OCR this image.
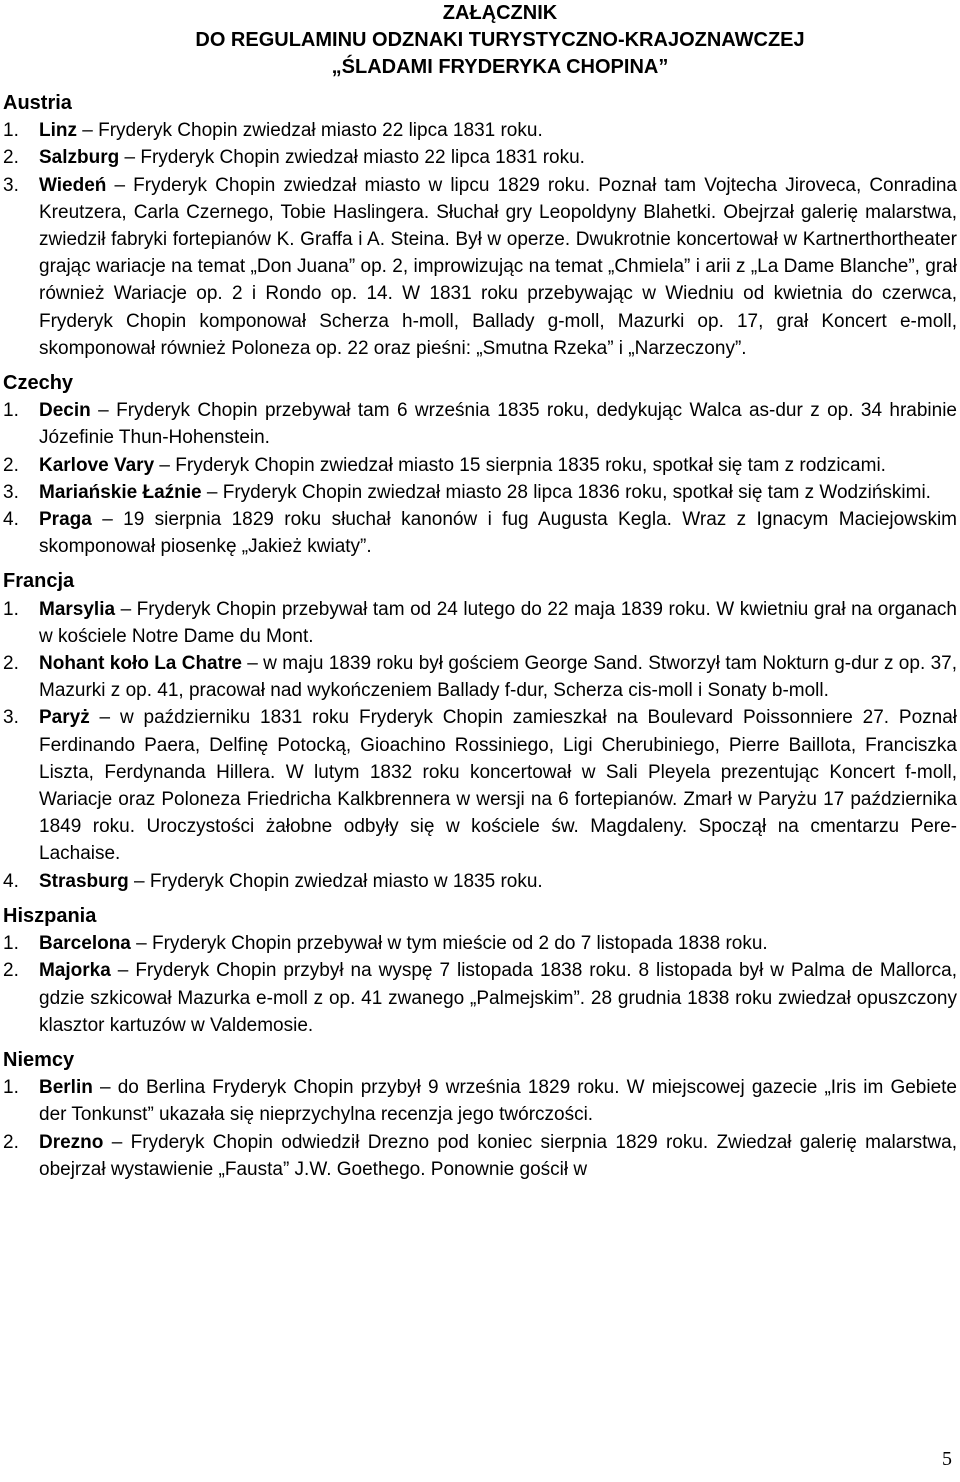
ZAŁĄCZNIK
DO REGULAMINU ODZNAKI TURYSTYCZNO-KRAJOZNAWCZEJ
„ŚLADAMI FRYDERYKA CHOPINA”
Austria
1.	Linz – Fryderyk Chopin zwiedzał miasto 22 lipca 1831 roku.
2.	Salzburg – Fryderyk Chopin zwiedzał miasto 22 lipca 1831 roku.
3.	Wiedeń – Fryderyk Chopin zwiedzał miasto w lipcu 1829 roku. Poznał tam Vojtecha Jiroveca, Conradina Kreutzera, Carla Czernego, Tobie Haslingera. Słuchał gry Leopoldyny Blahetki. Obejrzał galerię malarstwa, zwiedził fabryki fortepianów K. Graffa i A. Steina. Był w operze. Dwukrotnie koncertował w Kartnerthortheater grając wariacje na temat „Don Juana” op. 2, improwizując na temat „Chmiela” i arii z „La Dame Blanche”, grał również Wariacje op. 2 i Rondo op. 14. W 1831 roku przebywając w Wiedniu od kwietnia do czerwca, Fryderyk Chopin komponował Scherza h-moll, Ballady g-moll, Mazurki op. 17, grał Koncert e-moll, skomponował również Poloneza op. 22 oraz pieśni: „Smutna Rzeka” i „Narzeczony”.
Czechy
1.	Decin – Fryderyk Chopin przebywał tam 6 września 1835 roku, dedykując Walca as-dur z op. 34 hrabinie Józefinie Thun-Hohenstein.
2.	Karlove Vary – Fryderyk Chopin zwiedzał miasto 15 sierpnia 1835 roku, spotkał się tam z rodzicami.
3.	Mariańskie Łaźnie – Fryderyk Chopin zwiedzał miasto 28 lipca 1836 roku, spotkał się tam z Wodzińskimi.
4.	Praga – 19 sierpnia 1829 roku słuchał kanonów i fug Augusta Kegla. Wraz z Ignacym Maciejowskim skomponował piosenkę „Jakież kwiaty”.
Francja
1.	Marsylia – Fryderyk Chopin przebywał tam od 24 lutego do 22 maja 1839 roku. W kwietniu grał na organach w kościele Notre Dame du Mont.
2.	Nohant koło La Chatre – w maju 1839 roku był gościem George Sand. Stworzył tam Nokturn g-dur z op. 37, Mazurki z op. 41, pracował nad wykończeniem Ballady f-dur, Scherza cis-moll i Sonaty b-moll.
3.	Paryż – w październiku 1831 roku Fryderyk Chopin zamieszkał na Boulevard Poissonniere 27. Poznał Ferdinando Paera, Delfinę Potocką, Gioachino Rossiniego, Ligi Cherubiniego, Pierre Baillota, Franciszka Liszta, Ferdynanda Hillera. W lutym 1832 roku koncertował w Sali Pleyela prezentując Koncert f-moll, Wariacje oraz Poloneza Friedricha Kalkbrennera w wersji na 6 fortepianów. Zmarł w Paryżu 17 października 1849 roku. Uroczystości żałobne odbyły się w kościele św. Magdaleny. Spoczął na cmentarzu Pere-Lachaise.
4.	Strasburg – Fryderyk Chopin zwiedzał miasto w 1835 roku.
Hiszpania
1.	Barcelona – Fryderyk Chopin przebywał w tym mieście od 2 do 7 listopada 1838 roku.
2.	Majorka – Fryderyk Chopin przybył na wyspę 7 listopada 1838 roku. 8 listopada był w Palma de Mallorca, gdzie szkicował Mazurka e-moll z op. 41 zwanego „Palmejskim”. 28 grudnia 1838 roku zwiedzał opuszczony klasztor kartuzów w Valdemosie.
Niemcy
1.	Berlin – do Berlina Fryderyk Chopin przybył 9 września 1829 roku. W miejscowej gazecie „Iris im Gebiete der Tonkunst” ukazała się nieprzychylna recenzja jego twórczości.
2.	Drezno – Fryderyk Chopin odwiedził Drezno pod koniec sierpnia 1829 roku. Zwiedzał galerię malarstwa, obejrzał wystawienie „Fausta” J.W. Goethego. Ponownie gościł w
5
